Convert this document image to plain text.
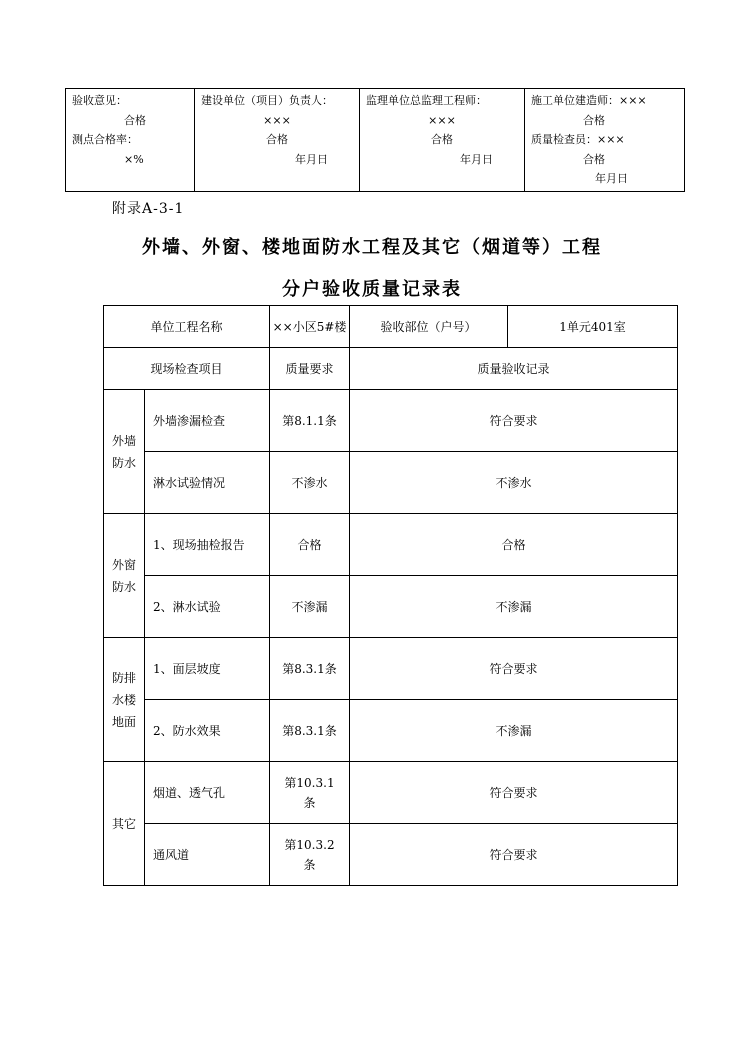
验收意见：
合格
测点合格率：
×%

建设单位（项目）负责人：
×××
合格
年月日

监理单位总监理工程师：
×××
合格
年月日

施工单位建造师：×××
合格
质量检查员：×××
合格
年月日
附录A-3-1
外墙、外窗、楼地面防水工程及其它（烟道等）工程
分户验收质量记录表
单位工程名称		××小区5#楼	验收部位（户号）	1单元401室
现场检查项目		质量要求	质量验收记录	

外墙
防水	外墙渗漏检查	第8.1.1条	符合要求	
	淋水试验情况	不渗水	不渗水	

外窗
防水	1、现场抽检报告	合格	合格	
	2、淋水试验	不渗漏	不渗漏	

防排
水楼
地面	1、面层坡度	第8.3.1条	符合要求	
	2、防水效果	第8.3.1条	不渗漏	

其它	烟道、透气孔	第10.3.1
条	符合要求	
	通风道	第10.3.2
条	符合要求	
